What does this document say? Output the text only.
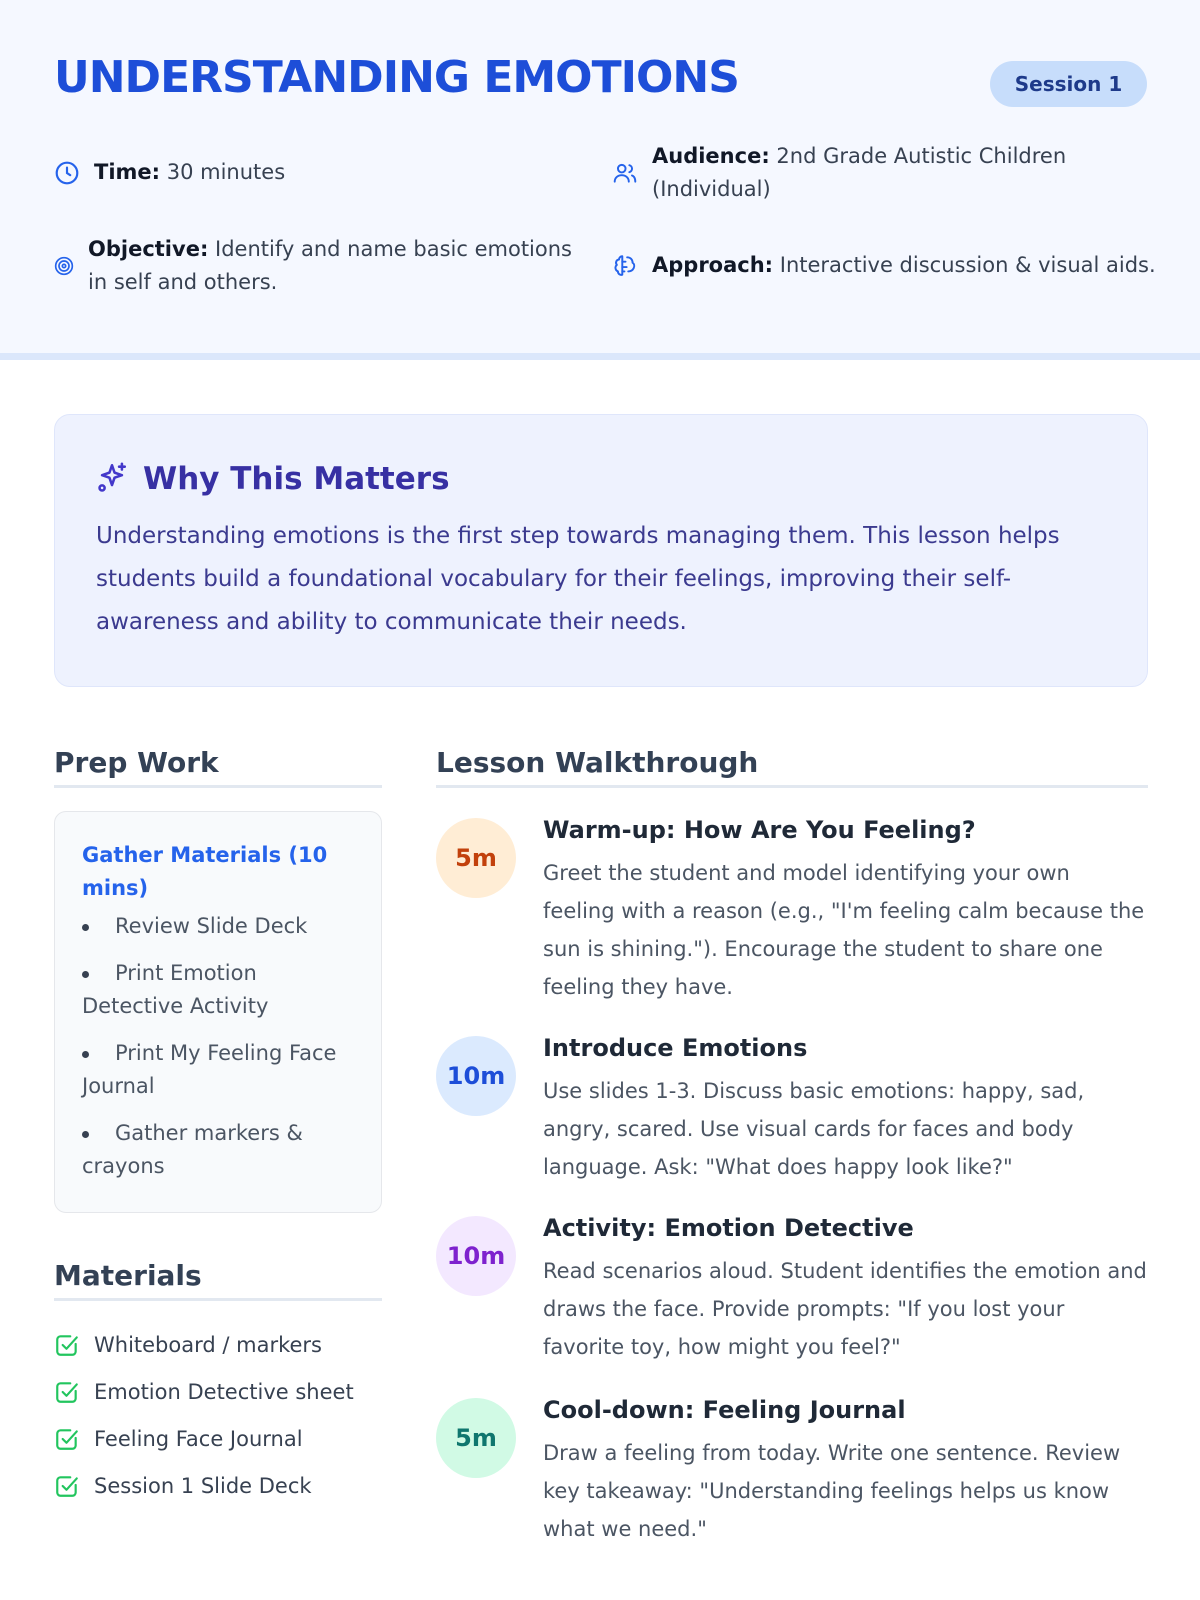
UNDERSTANDING EMOTIONS	Session 1
Time: 30 minutes
Audience: 2nd Grade Autistic Children (Individual)
Objective: Identify and name basic emotions in self and others.
Approach: Interactive discussion & visual aids.
Why This Matters

Understanding emotions is the first step towards managing them. This lesson helps students build a foundational vocabulary for their feelings, improving their self-awareness and ability to communicate their needs.

Prep Work
Gather Materials (10 mins)
Review Slide Deck
Print Emotion Detective Activity
Print My Feeling Face Journal
Gather markers & crayons
Materials
Whiteboard / markers
Emotion Detective sheet
Feeling Face Journal
Session 1 Slide Deck
Lesson Walkthrough
5m
Warm-up: How Are You Feeling?
Greet the student and model identifying your own feeling with a reason (e.g., "I'm feeling calm because the sun is shining."). Encourage the student to share one feeling they have.
10m
Introduce Emotions
Use slides 1-3. Discuss basic emotions: happy, sad, angry, scared. Use visual cards for faces and body language. Ask: "What does happy look like?"
10m
Activity: Emotion Detective
Read scenarios aloud. Student identifies the emotion and draws the face. Provide prompts: "If you lost your favorite toy, how might you feel?"
5m
Cool-down: Feeling Journal
Draw a feeling from today. Write one sentence. Review key takeaway: "Understanding feelings helps us know what we need."
